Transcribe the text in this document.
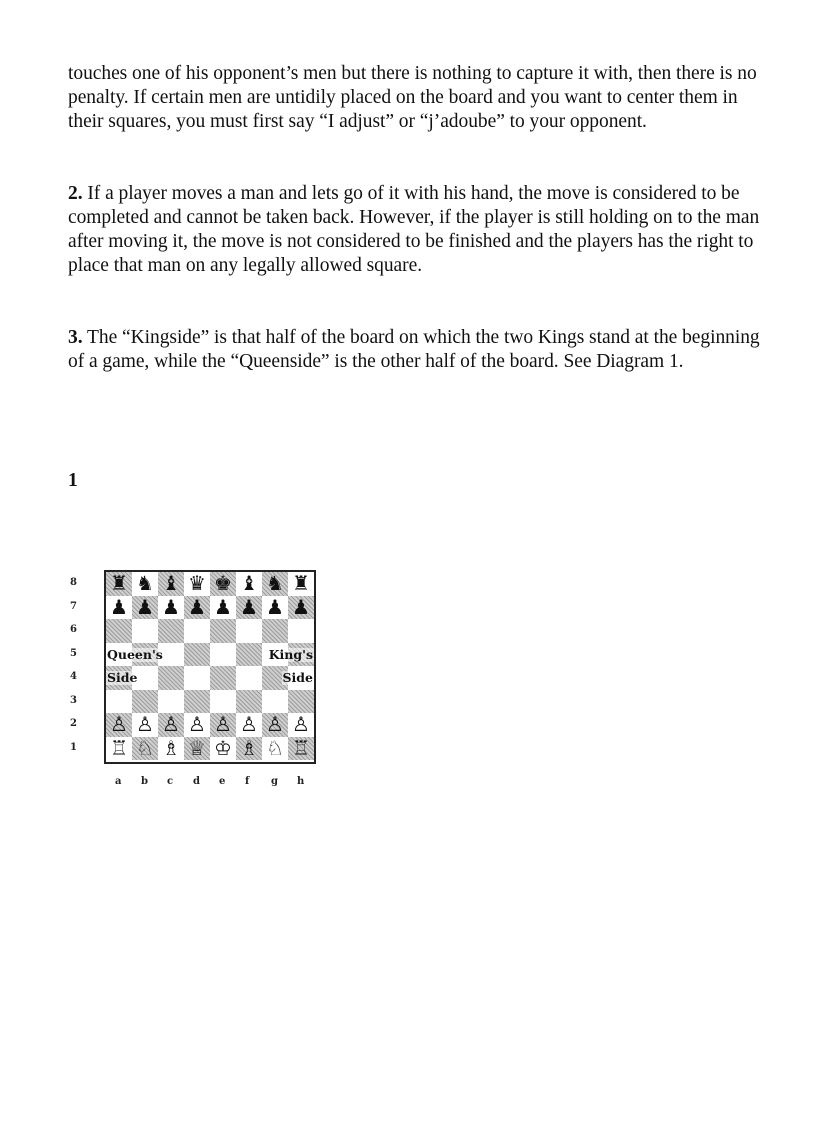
touches one of his opponent’s men but there is nothing to capture it with, then there is no penalty. If certain men are untidily placed on the board and you want to center them in their squares, you must first say “I adjust” or “j’adoube” to your opponent.

2. If a player moves a man and lets go of it with his hand, the move is considered to be completed and cannot be taken back. However, if the player is still holding on to the man after moving it, the move is not considered to be finished and the players has the right to place that man on any legally allowed square.

3. The “Kingside” is that half of the board on which the two Kings stand at the beginning of a game, while the “Queenside” is the other half of the board. See Diagram 1.

1
♜ ♞ ♝ ♛ ♚ ♝ ♞ ♜
♟ ♟ ♟ ♟ ♟ ♟ ♟ ♟
♙ ♙ ♙ ♙ ♙ ♙ ♙ ♙
♖ ♘ ♗ ♕ ♔ ♗ ♘ ♖
Queen's
Side
King's
Side
8
7
6
5
4
3
2
1
a b c d e f g h
